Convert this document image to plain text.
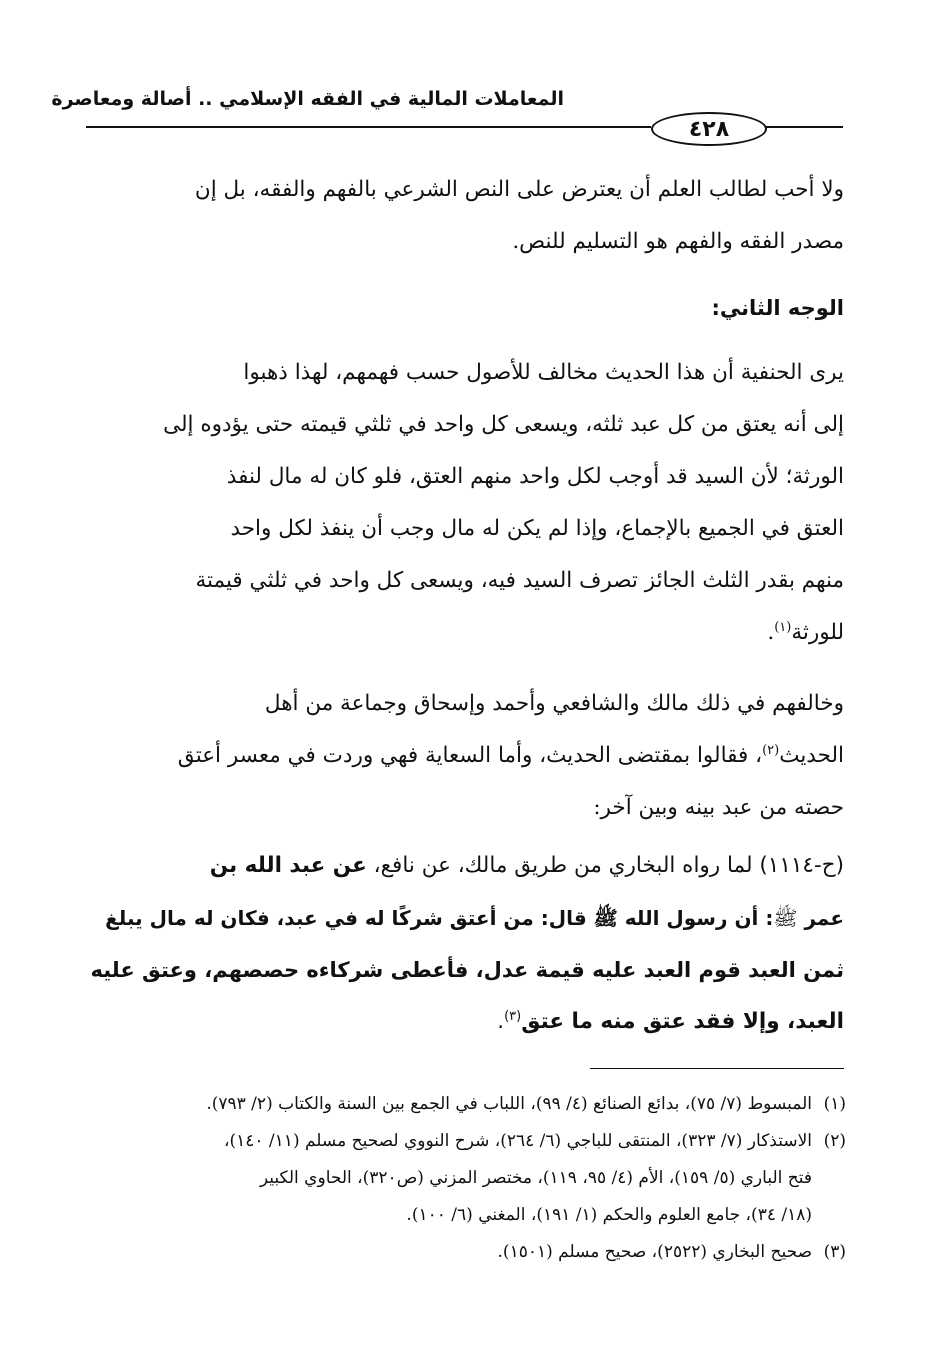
المعاملات المالية في الفقه الإسلامي .. أصالة ومعاصرة
٤٢٨
ولا أحب لطالب العلم أن يعترض على النص الشرعي بالفهم والفقه، بل إن
مصدر الفقه والفهم هو التسليم للنص.
الوجه الثاني:
يرى الحنفية أن هذا الحديث مخالف للأصول حسب فهمهم، لهذا ذهبوا
إلى أنه يعتق من كل عبد ثلثه، ويسعى كل واحد في ثلثي قيمته حتى يؤدوه إلى
الورثة؛ لأن السيد قد أوجب لكل واحد منهم العتق، فلو كان له مال لنفذ
العتق في الجميع بالإجماع، وإذا لم يكن له مال وجب أن ينفذ لكل واحد
منهم بقدر الثلث الجائز تصرف السيد فيه، ويسعى كل واحد في ثلثي قيمتة
للورثة$^{(١)}$.
وخالفهم في ذلك مالك والشافعي وأحمد وإسحاق وجماعة من أهل
الحديث$^{(٢)}$، فقالوا بمقتضى الحديث، وأما السعاية فهي وردت في معسر أعتق
حصته من عبد بينه وبين آخر:
(ح-١١١٤) لما رواه البخاري من طريق مالك، عن نافع، عن عبد الله بن
عمر ﷺ: أن رسول الله ﷺ قال: من أعتق شركًا له في عبد، فكان له مال يبلغ
ثمن العبد قوم العبد عليه قيمة عدل، فأعطى شركاءه حصصهم، وعتق عليه
العبد، وإلا فقد عتق منه ما عتق$^{(٣)}$.
(١)المبسوط (٧/ ٧٥)، بدائع الصنائع (٤/ ٩٩)، اللباب في الجمع بين السنة والكتاب (٢/ ٧٩٣).
(٢)الاستذكار (٧/ ٣٢٣)، المنتقى للباجي (٦/ ٢٦٤)، شرح النووي لصحيح مسلم (١١/ ١٤٠)،
فتح الباري (٥/ ١٥٩)، الأم (٤/ ٩٥، ١١٩)، مختصر المزني (ص٣٢٠)، الحاوي الكبير
(١٨/ ٣٤)، جامع العلوم والحكم (١/ ١٩١)، المغني (٦/ ١٠٠).
(٣)صحيح البخاري (٢٥٢٢)، صحيح مسلم (١٥٠١).
